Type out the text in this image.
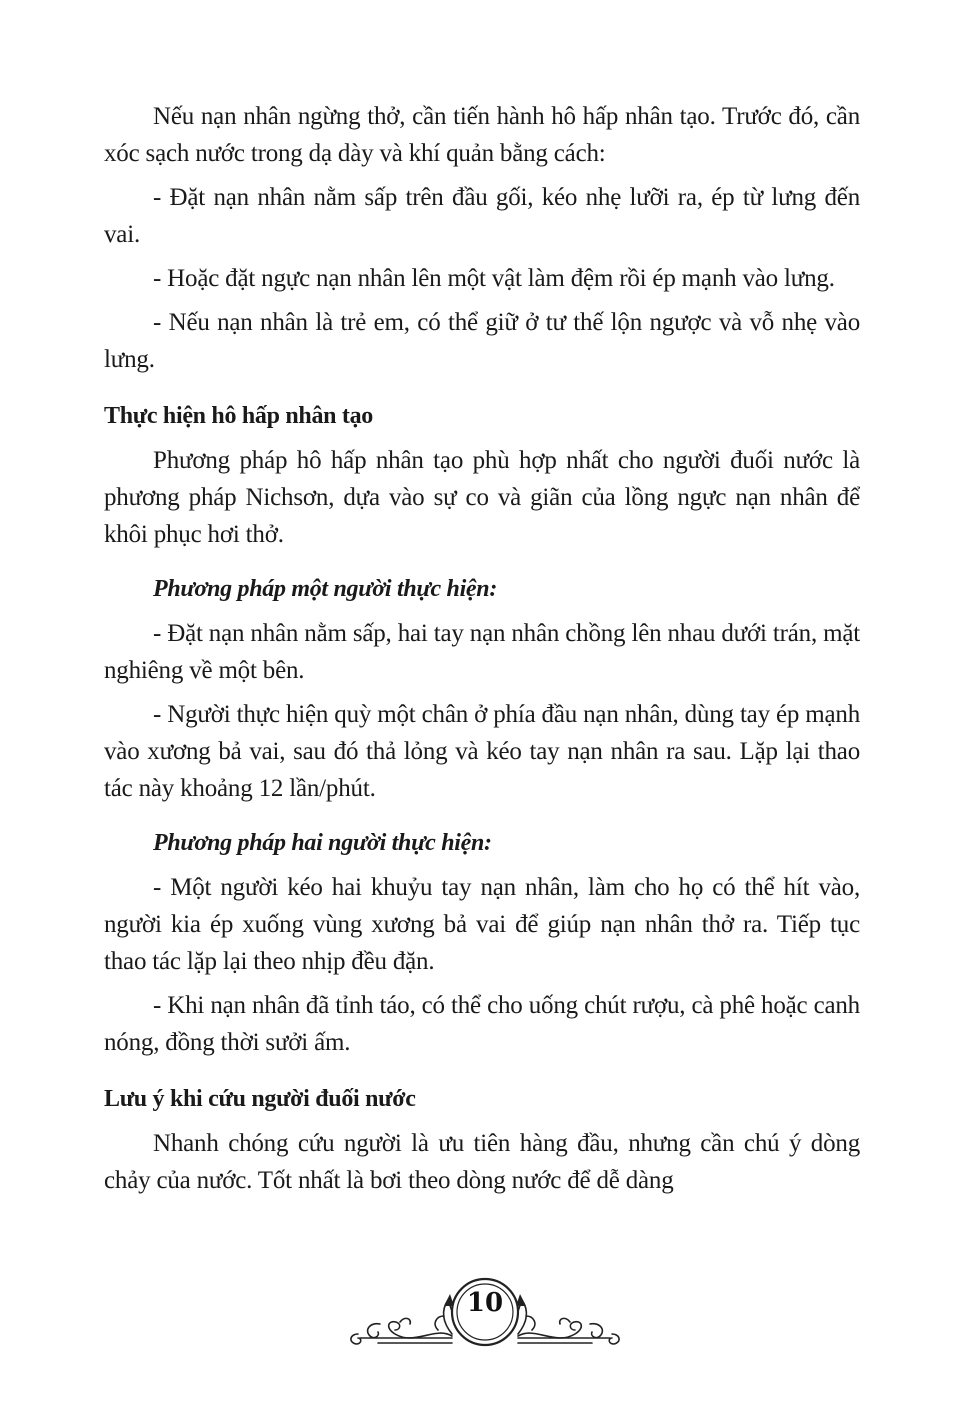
Nếu nạn nhân ngừng thở, cần tiến hành hô hấp nhân tạo. Trước đó, cần xóc sạch nước trong dạ dày và khí quản bằng cách:

- Đặt nạn nhân nằm sấp trên đầu gối, kéo nhẹ lưỡi ra, ép từ lưng đến vai.

- Hoặc đặt ngực nạn nhân lên một vật làm đệm rồi ép mạnh vào lưng.

- Nếu nạn nhân là trẻ em, có thể giữ ở tư thế lộn ngược và vỗ nhẹ vào lưng.

Thực hiện hô hấp nhân tạo

Phương pháp hô hấp nhân tạo phù hợp nhất cho người đuối nước là phương pháp Nichsơn, dựa vào sự co và giãn của lồng ngực nạn nhân để khôi phục hơi thở.

Phương pháp một người thực hiện:

- Đặt nạn nhân nằm sấp, hai tay nạn nhân chồng lên nhau dưới trán, mặt nghiêng về một bên.

- Người thực hiện quỳ một chân ở phía đầu nạn nhân, dùng tay ép mạnh vào xương bả vai, sau đó thả lỏng và kéo tay nạn nhân ra sau. Lặp lại thao tác này khoảng 12 lần/phút.

Phương pháp hai người thực hiện:

- Một người kéo hai khuỷu tay nạn nhân, làm cho họ có thể hít vào, người kia ép xuống vùng xương bả vai để giúp nạn nhân thở ra. Tiếp tục thao tác lặp lại theo nhịp đều đặn.

- Khi nạn nhân đã tỉnh táo, có thể cho uống chút rượu, cà phê hoặc canh nóng, đồng thời sưởi ấm.

Lưu ý khi cứu người đuối nước

Nhanh chóng cứu người là ưu tiên hàng đầu, nhưng cần chú ý dòng chảy của nước. Tốt nhất là bơi theo dòng nước để dễ dàng

10
